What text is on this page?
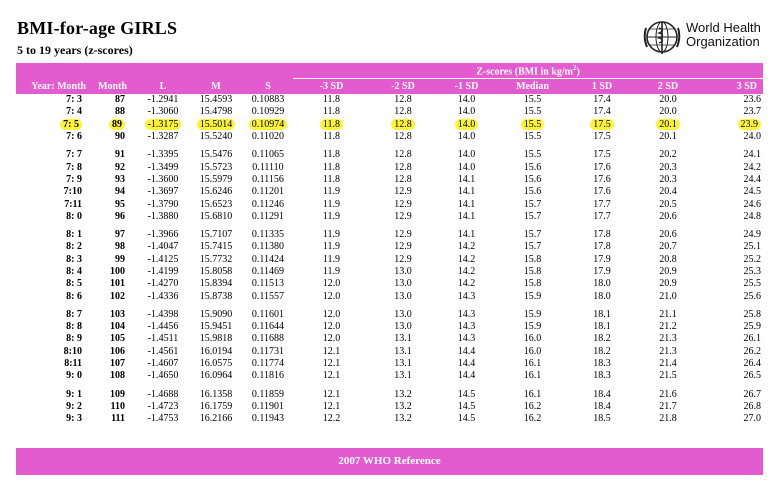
BMI-for-age GIRLS
5 to 19 years (z-scores)
World Health
Organization
					Z-scores (BMI in $kg/m^2$)						
Year: Month	Month	L	M	S	-3 SD	-2 SD	-1 SD	Median	1 SD	2 SD	3 SD
7: 3	87	-1.2941	15.4593	0.10883	11.8	12.8	14.0	15.5	17.4	20.0	23.6
7: 4	88	-1.3060	15.4798	0.10929	11.8	12.8	14.0	15.5	17.4	20.0	23.7
7: 5	89	-1.3175	15.5014	0.10974	11.8	12.8	14.0	15.5	17.5	20.1	23.9
7: 6	90	-1.3287	15.5240	0.11020	11.8	12.8	14.0	15.5	17.5	20.1	24.0
7: 7	91	-1.3395	15.5476	0.11065	11.8	12.8	14.0	15.5	17.5	20.2	24.1
7: 8	92	-1.3499	15.5723	0.11110	11.8	12.8	14.0	15.6	17.6	20.3	24.2
7: 9	93	-1.3600	15.5979	0.11156	11.8	12.8	14.1	15.6	17.6	20.3	24.4
7:10	94	-1.3697	15.6246	0.11201	11.9	12.9	14.1	15.6	17.6	20.4	24.5
7:11	95	-1.3790	15.6523	0.11246	11.9	12.9	14.1	15.7	17.7	20.5	24.6
8: 0	96	-1.3880	15.6810	0.11291	11.9	12.9	14.1	15.7	17.7	20.6	24.8
8: 1	97	-1.3966	15.7107	0.11335	11.9	12.9	14.1	15.7	17.8	20.6	24.9
8: 2	98	-1.4047	15.7415	0.11380	11.9	12.9	14.2	15.7	17.8	20.7	25.1
8: 3	99	-1.4125	15.7732	0.11424	11.9	12.9	14.2	15.8	17.9	20.8	25.2
8: 4	100	-1.4199	15.8058	0.11469	11.9	13.0	14.2	15.8	17.9	20.9	25.3
8: 5	101	-1.4270	15.8394	0.11513	12.0	13.0	14.2	15.8	18.0	20.9	25.5
8: 6	102	-1.4336	15.8738	0.11557	12.0	13.0	14.3	15.9	18.0	21.0	25.6
8: 7	103	-1.4398	15.9090	0.11601	12.0	13.0	14.3	15.9	18.1	21.1	25.8
8: 8	104	-1.4456	15.9451	0.11644	12.0	13.0	14.3	15.9	18.1	21.2	25.9
8: 9	105	-1.4511	15.9818	0.11688	12.0	13.1	14.3	16.0	18.2	21.3	26.1
8:10	106	-1.4561	16.0194	0.11731	12.1	13.1	14.4	16.0	18.2	21.3	26.2
8:11	107	-1.4607	16.0575	0.11774	12.1	13.1	14.4	16.1	18.3	21.4	26.4
9: 0	108	-1.4650	16.0964	0.11816	12.1	13.1	14.4	16.1	18.3	21.5	26.5
9: 1	109	-1.4688	16.1358	0.11859	12.1	13.2	14.5	16.1	18.4	21.6	26.7
9: 2	110	-1.4723	16.1759	0.11901	12.1	13.2	14.5	16.2	18.4	21.7	26.8
9: 3	111	-1.4753	16.2166	0.11943	12.2	13.2	14.5	16.2	18.5	21.8	27.0
2007 WHO Reference
